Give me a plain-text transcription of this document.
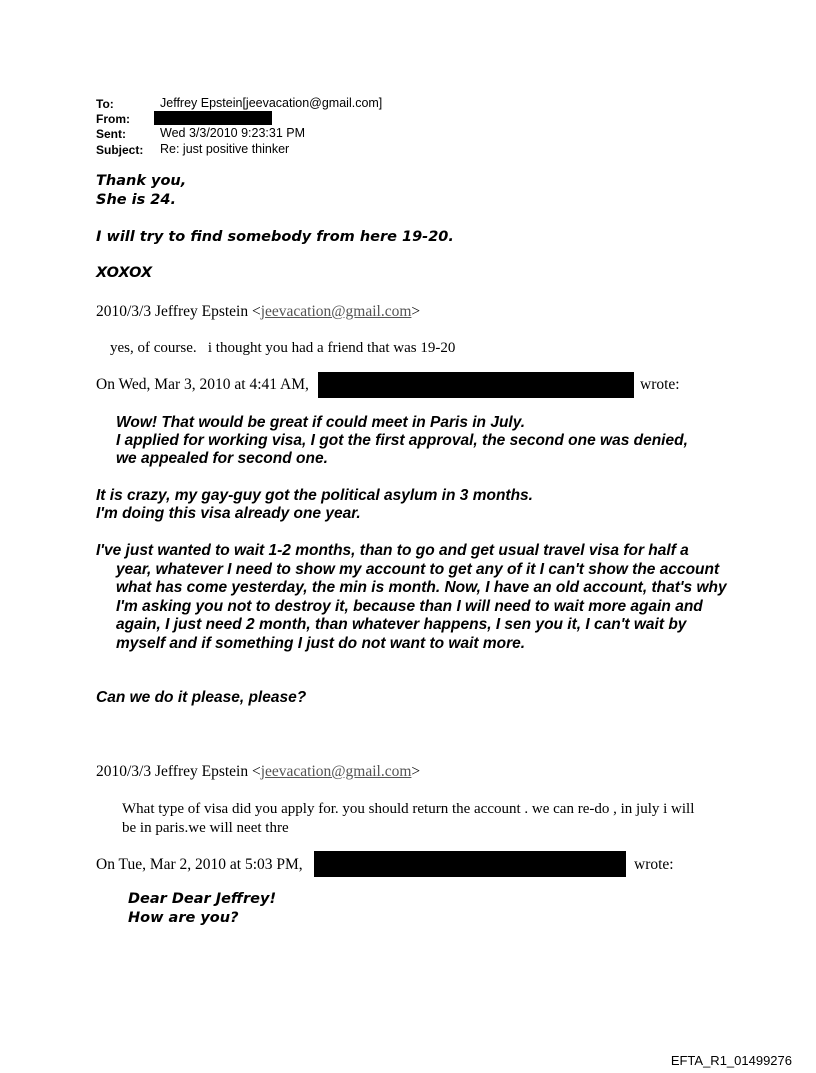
To:	Jeffrey Epstein[jeevacation@gmail.com]
From:
Sent:	Wed 3/3/2010 9:23:31 PM
Subject: Re: just positive thinker
Thank you,
She is 24.
I will try to find somebody from here 19-20.
XOXOX
2010/3/3 Jeffrey Epstein <jeevacation@gmail.com>
yes, of course.   i thought you had a friend that was 19-20
On Wed, Mar 3, 2010 at 4:41 AM,	wrote:
Wow! That would be great if could meet in Paris in July.
I applied for working visa, I got the first approval, the second one was denied,
we appealed for second one.
It is crazy, my gay-guy got the political asylum in 3 months.
I'm doing this visa already one year.
I've just wanted to wait 1-2 months, than to go and get usual travel visa for half a year, whatever I need to show my account to get any of it I can't show the account what has come yesterday, the min is month. Now, I have an old account, that's why I'm asking you not to destroy it, because than I will need to wait more again and again, I just need 2 month, than whatever happens, I sen you it, I can't wait by myself and if something I just do not want to wait more.
Can we do it please, please?
2010/3/3 Jeffrey Epstein <jeevacation@gmail.com>
What type of visa did you apply for. you should return the account . we can re-do , in july i will be in paris.we will neet thre
On Tue, Mar 2, 2010 at 5:03 PM,	wrote:
Dear Dear Jeffrey!
How are you?
EFTA_R1_01499276
